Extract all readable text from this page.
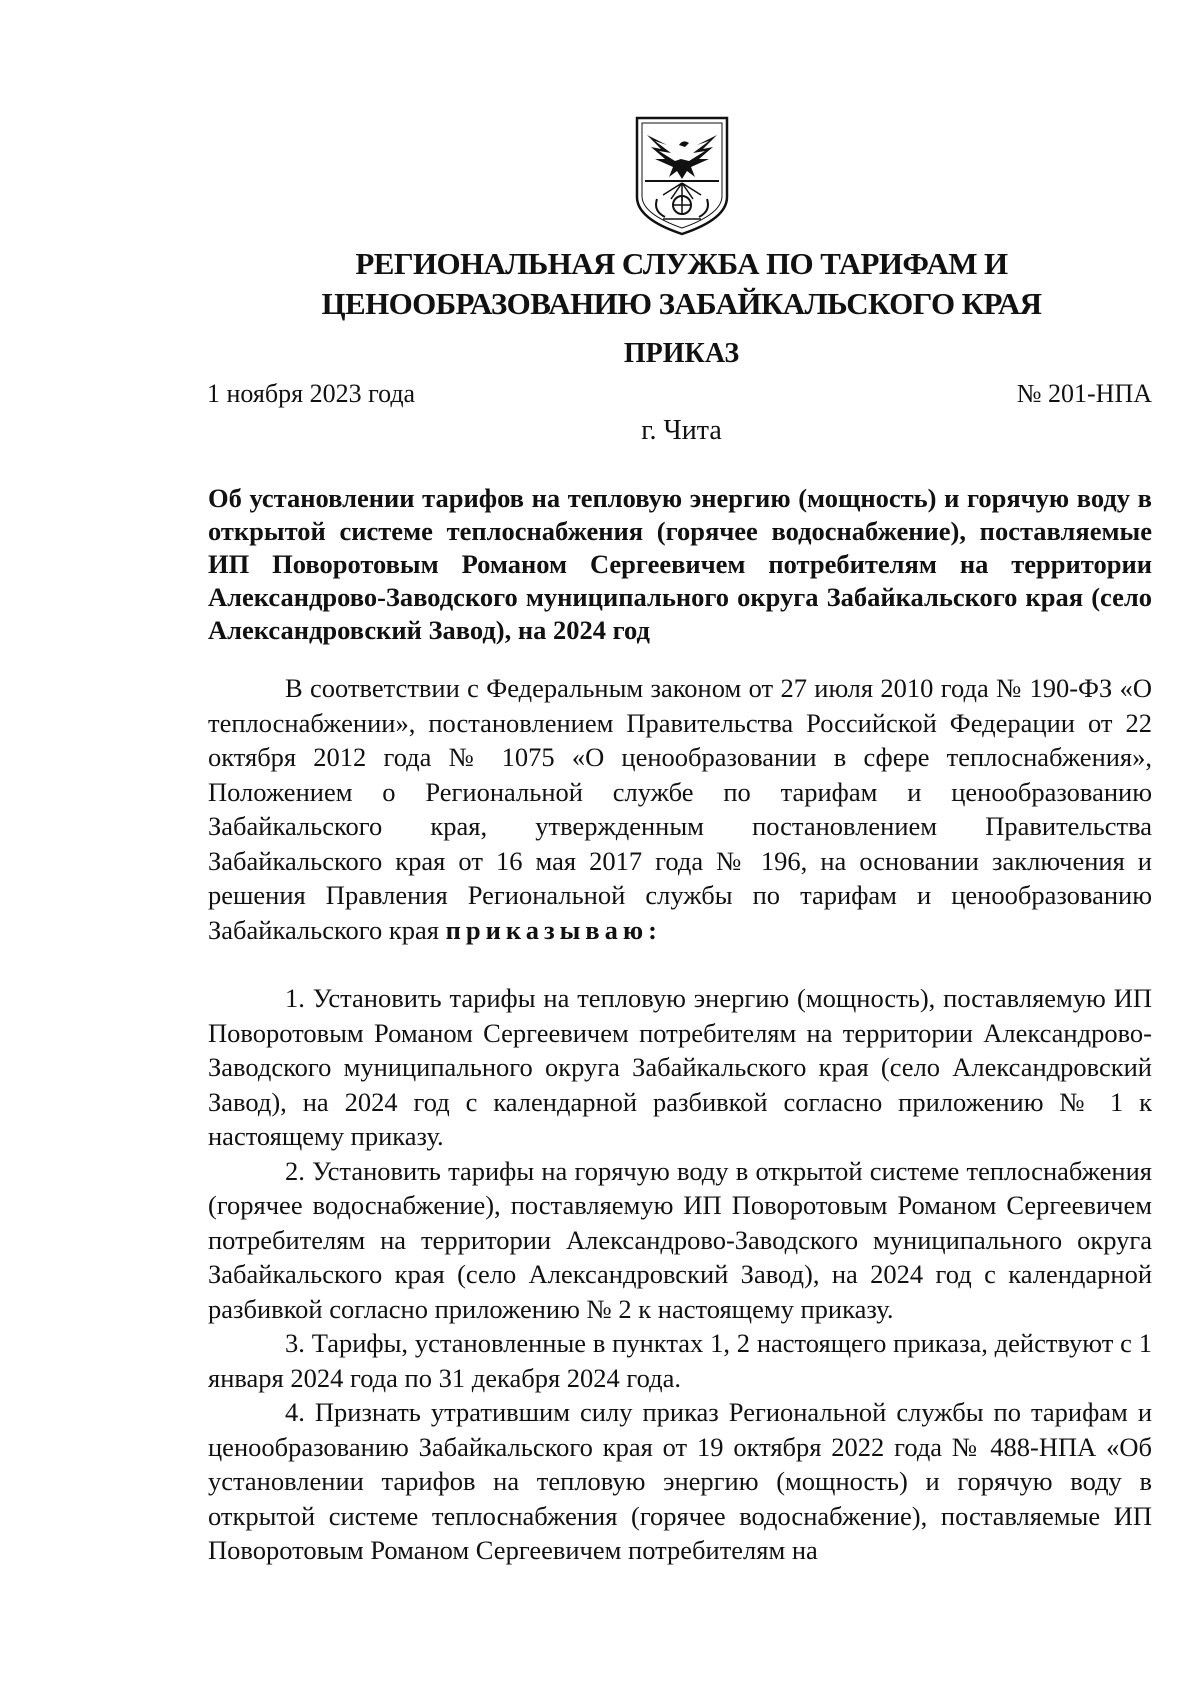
РЕГИОНАЛЬНАЯ СЛУЖБА ПО ТАРИФАМ И
ЦЕНООБРАЗОВАНИЮ ЗАБАЙКАЛЬСКОГО КРАЯ
ПРИКАЗ
1 ноября 2023 года	№ 201-НПА
г. Чита

Об установлении тарифов на тепловую энергию (мощность) и горячую воду в открытой системе теплоснабжения (горячее водоснабжение), поставляемые ИП Поворотовым Романом Сергеевичем потребителям на территории Александрово-Заводского муниципального округа Забайкальского края (село Александровский Завод), на 2024 год

В соответствии с Федеральным законом от 27 июля 2010 года № 190-ФЗ «О теплоснабжении», постановлением Правительства Российской Федерации от 22 октября 2012 года № 1075 «О ценообразовании в сфере теплоснабжения», Положением о Региональной службе по тарифам и ценообразованию Забайкальского края, утвержденным постановлением Правительства Забайкальского края от 16 мая 2017 года № 196, на основании заключения и решения Правления Региональной службы по тарифам и ценообразованию Забайкальского края приказываю:

1. Установить тарифы на тепловую энергию (мощность), поставляемую ИП Поворотовым Романом Сергеевичем потребителям на территории Александрово-Заводского муниципального округа Забайкальского края (село Александровский Завод), на 2024 год с календарной разбивкой согласно приложению № 1 к настоящему приказу.

2. Установить тарифы на горячую воду в открытой системе теплоснабжения (горячее водоснабжение), поставляемую ИП Поворотовым Романом Сергеевичем потребителям на территории Александрово-Заводского муниципального округа Забайкальского края (село Александровский Завод), на 2024 год с календарной разбивкой согласно приложению № 2 к настоящему приказу.

3. Тарифы, установленные в пунктах 1, 2 настоящего приказа, действуют с 1 января 2024 года по 31 декабря 2024 года.

4. Признать утратившим силу приказ Региональной службы по тарифам и ценообразованию Забайкальского края от 19 октября 2022 года № 488-НПА «Об установлении тарифов на тепловую энергию (мощность) и горячую воду в открытой системе теплоснабжения (горячее водоснабжение), поставляемые ИП Поворотовым Романом Сергеевичем потребителям на
